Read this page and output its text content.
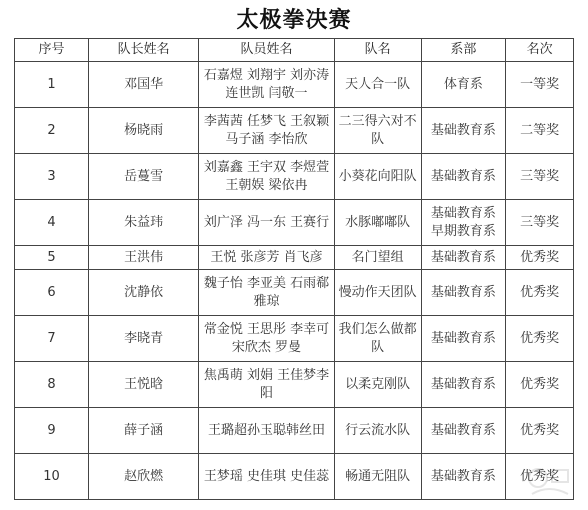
太极拳决赛
序号	队长姓名	队员姓名	队名	系部	名次
1	邓国华	石嘉煜 刘翔宇 刘亦涛 连世凯 闫敬一	天人合一队	体育系	一等奖
2	杨晓雨	李茜茜 任梦飞 王叙颖 马子涵 李怡欣	二三得六对不队	基础教育系	二等奖
3	岳蔓雪	刘嘉鑫 王宇双 李煜萱王朝娱 梁依冉	小葵花向阳队	基础教育系	三等奖
4	朱益玮	刘广泽 冯一东 王赛行	水豚嘟嘟队	基础教育系 早期教育系	三等奖
5	王洪伟	王悦 张彦芳 肖飞彦	名门望组	基础教育系	优秀奖
6	沈静依	魏子怡 李亚美 石雨郗雅琼	慢动作天团队	基础教育系	优秀奖
7	李晓青	常金悦 王思彤 李幸可 宋欣杰 罗曼	我们怎么做都队	基础教育系	优秀奖
8	王悦晗	焦禹萌 刘娟 王佳梦李阳	以柔克刚队	基础教育系	优秀奖
9	薛子涵	王璐超孙玉聪韩丝田	行云流水队	基础教育系	优秀奖
10	赵欣燃	王梦瑶 史佳琪 史佳蕊	畅通无阻队	基础教育系	优秀奖
